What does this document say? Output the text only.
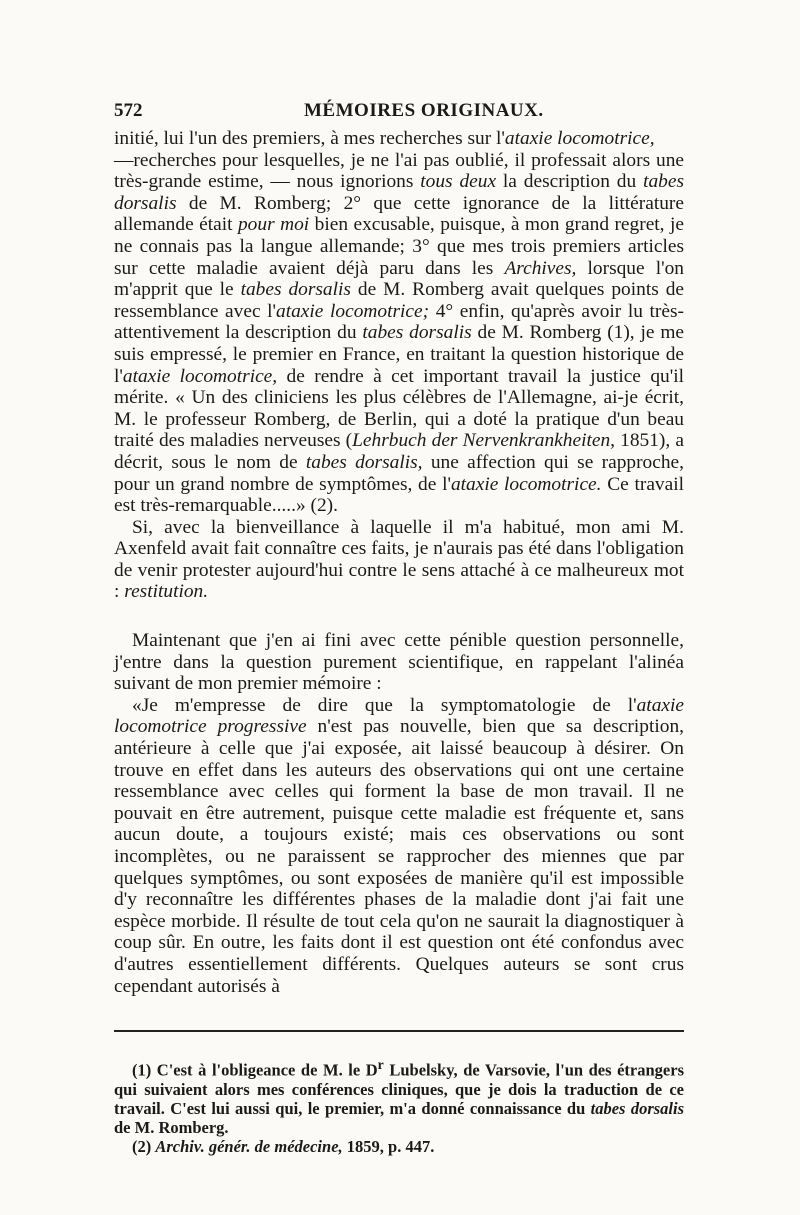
572	MÉMOIRES ORIGINAUX.

initié, lui l'un des premiers, à mes recherches sur l'ataxie locomotrice,
—recherches pour lesquelles, je ne l'ai pas oublié, il professait alors une très-grande estime, — nous ignorions tous deux la description du tabes dorsalis de M. Romberg; 2° que cette ignorance de la littérature allemande était pour moi bien excusable, puisque, à mon grand regret, je ne connais pas la langue allemande; 3° que mes trois premiers articles sur cette maladie avaient déjà paru dans les Archives, lorsque l'on m'apprit que le tabes dorsalis de M. Romberg avait quelques points de ressemblance avec l'ataxie locomotrice; 4° enfin, qu'après avoir lu très-attentivement la description du tabes dorsalis de M. Romberg (1), je me suis empressé, le premier en France, en traitant la question historique de l'ataxie locomotrice, de rendre à cet important travail la justice qu'il mérite. « Un des cliniciens les plus célèbres de l'Allemagne, ai-je écrit, M. le professeur Romberg, de Berlin, qui a doté la pratique d'un beau traité des maladies nerveuses (Lehrbuch der Nervenkrankheiten, 1851), a décrit, sous le nom de tabes dorsalis, une affection qui se rapproche, pour un grand nombre de symptômes, de l'ataxie locomotrice. Ce travail est très-remarquable.....» (2).

Si, avec la bienveillance à laquelle il m'a habitué, mon ami M. Axenfeld avait fait connaître ces faits, je n'aurais pas été dans l'obligation de venir protester aujourd'hui contre le sens attaché à ce malheureux mot : restitution.

Maintenant que j'en ai fini avec cette pénible question personnelle, j'entre dans la question purement scientifique, en rappelant l'alinéa suivant de mon premier mémoire :

«Je m'empresse de dire que la symptomatologie de l'ataxie locomotrice progressive n'est pas nouvelle, bien que sa description, antérieure à celle que j'ai exposée, ait laissé beaucoup à désirer. On trouve en effet dans les auteurs des observations qui ont une certaine ressemblance avec celles qui forment la base de mon travail. Il ne pouvait en être autrement, puisque cette maladie est fréquente et, sans aucun doute, a toujours existé; mais ces observations ou sont incomplètes, ou ne paraissent se rapprocher des miennes que par quelques symptômes, ou sont exposées de manière qu'il est impossible d'y reconnaître les différentes phases de la maladie dont j'ai fait une espèce morbide. Il résulte de tout cela qu'on ne saurait la diagnostiquer à coup sûr. En outre, les faits dont il est question ont été confondus avec d'autres essentiellement différents. Quelques auteurs se sont crus cependant autorisés à

(1) C'est à l'obligeance de M. le $D^r$ Lubelsky, de Varsovie, l'un des étrangers qui suivaient alors mes conférences cliniques, que je dois la traduction de ce travail. C'est lui aussi qui, le premier, m'a donné connaissance du tabes dorsalis de M. Romberg.

(2) Archiv. génér. de médecine, 1859, p. 447.
